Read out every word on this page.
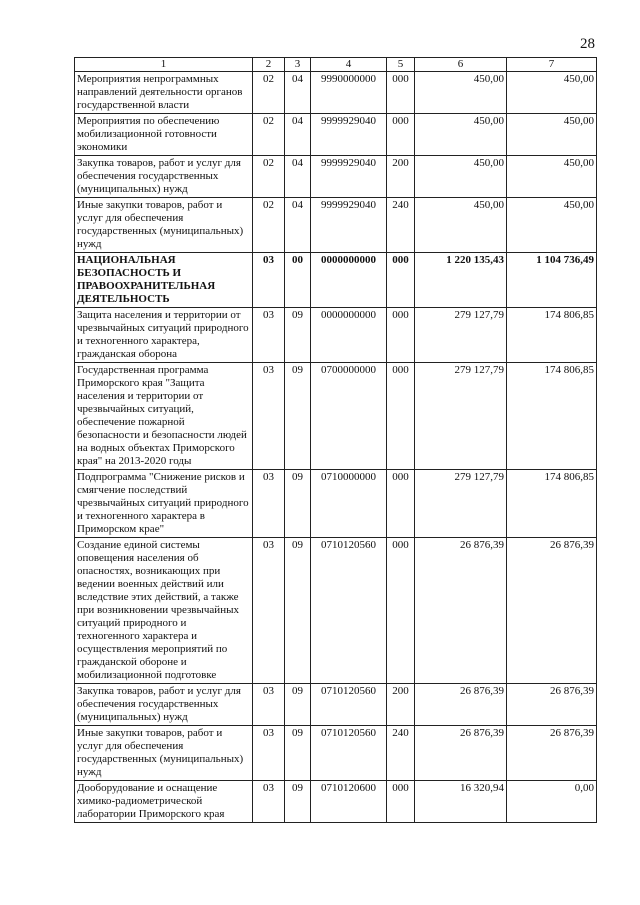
28
1	2	3	4	5	6	7
Мероприятия непрограммных направлений деятельности органов государственной власти	02	04	9990000000	000	450,00	450,00
Мероприятия по обеспечению мобилизационной готовности экономики	02	04	9999929040	000	450,00	450,00
Закупка товаров, работ и услуг для обеспечения государственных (муниципальных) нужд	02	04	9999929040	200	450,00	450,00
Иные закупки товаров, работ и услуг для обеспечения государственных (муниципальных) нужд	02	04	9999929040	240	450,00	450,00
НАЦИОНАЛЬНАЯ БЕЗОПАСНОСТЬ И ПРАВООХРАНИТЕЛЬНАЯ ДЕЯТЕЛЬНОСТЬ	03	00	0000000000	000	1 220 135,43	1 104 736,49
Защита населения и территории от чрезвычайных ситуаций природного и техногенного характера, гражданская оборона	03	09	0000000000	000	279 127,79	174 806,85
Государственная программа Приморского края "Защита населения и территории от чрезвычайных ситуаций, обеспечение пожарной безопасности и безопасности людей на водных объектах Приморского края" на 2013-2020 годы	03	09	0700000000	000	279 127,79	174 806,85
Подпрограмма "Снижение рисков и смягчение последствий чрезвычайных ситуаций природного и техногенного характера в Приморском крае"	03	09	0710000000	000	279 127,79	174 806,85
Создание единой системы оповещения населения об опасностях, возникающих при ведении военных действий или вследствие этих действий, а также при возникновении чрезвычайных ситуаций природного и техногенного характера и осуществления мероприятий по гражданской обороне и мобилизационной подготовке	03	09	0710120560	000	26 876,39	26 876,39
Закупка товаров, работ и услуг для обеспечения государственных (муниципальных) нужд	03	09	0710120560	200	26 876,39	26 876,39
Иные закупки товаров, работ и услуг для обеспечения государственных (муниципальных) нужд	03	09	0710120560	240	26 876,39	26 876,39
Дооборудование и оснащение химико-радиометрической лаборатории Приморского края	03	09	0710120600	000	16 320,94	0,00
